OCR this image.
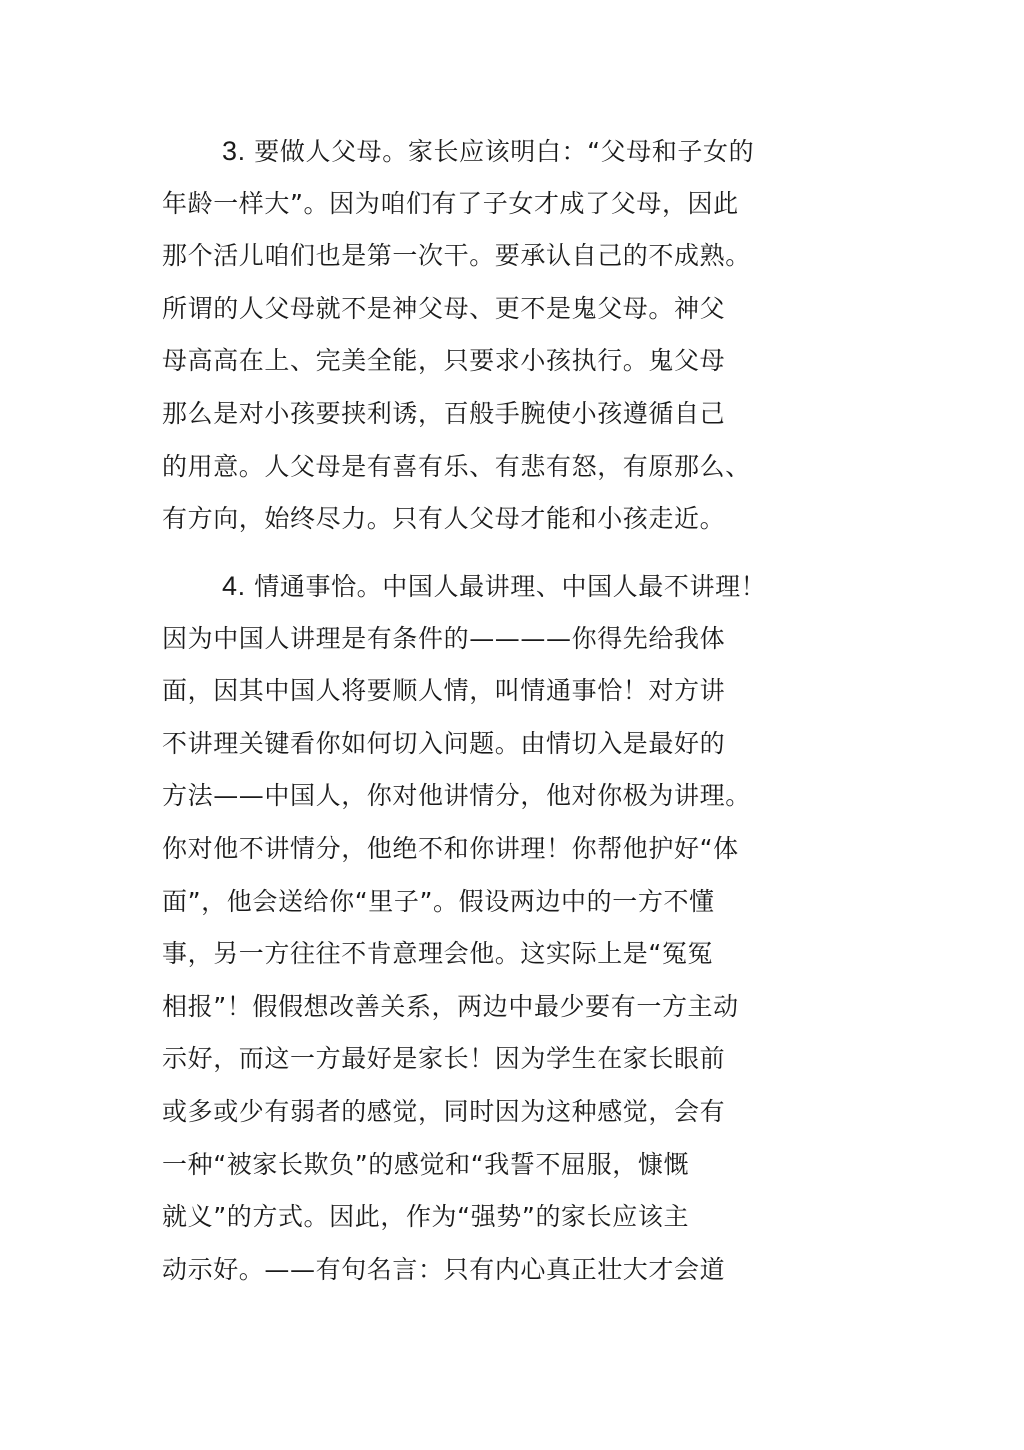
3. 要做人父母。家长应该明白：“父母和子女的
年龄一样大”。因为咱们有了子女才成了父母，因此
那个活儿咱们也是第一次干。要承认自己的不成熟。
所谓的人父母就不是神父母、更不是鬼父母。神父
母高高在上、完美全能，只要求小孩执行。鬼父母
那么是对小孩要挟利诱，百般手腕使小孩遵循自己
的用意。人父母是有喜有乐、有悲有怒，有原那么、
有方向，始终尽力。只有人父母才能和小孩走近。
4. 情通事恰。中国人最讲理、中国人最不讲理！
因为中国人讲理是有条件的————你得先给我体
面，因其中国人将要顺人情，叫情通事恰！对方讲
不讲理关键看你如何切入问题。由情切入是最好的
方法——中国人，你对他讲情分，他对你极为讲理。
你对他不讲情分，他绝不和你讲理！你帮他护好“体
面”，他会送给你“里子”。假设两边中的一方不懂
事，另一方往往不肯意理会他。这实际上是“冤冤
相报”！假假想改善关系，两边中最少要有一方主动
示好，而这一方最好是家长！因为学生在家长眼前
或多或少有弱者的感觉，同时因为这种感觉，会有
一种“被家长欺负”的感觉和“我誓不屈服，慷慨
就义”的方式。因此，作为“强势”的家长应该主
动示好。——有句名言：只有内心真正壮大才会道
